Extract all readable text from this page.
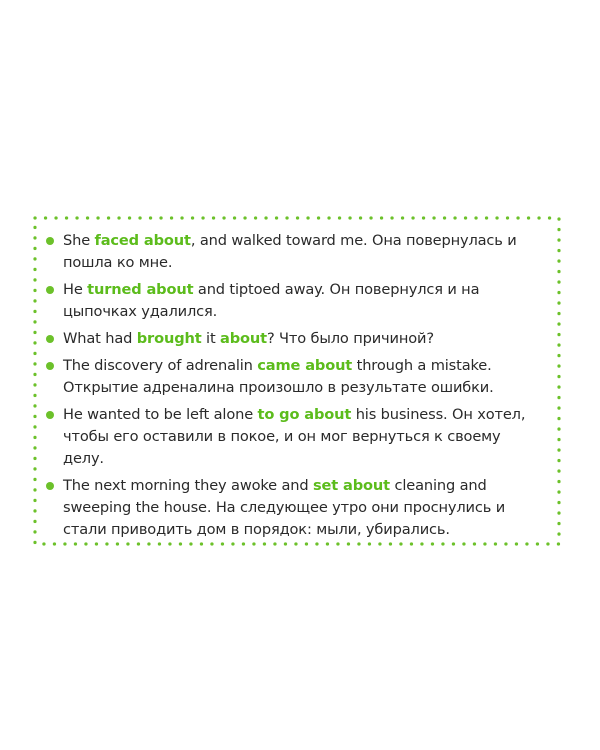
She faced about, and walked toward me. Она повернулась и пошла ко мне.
He turned about and tiptoed away. Он повернулся и на цыпочках удалился.
What had brought it about? Что было причиной?
The discovery of adrenalin came about through a mistake. Открытие адреналина произошло в результате ошибки.
He wanted to be left alone to go about his business. Он хотел, чтобы его оставили в покое, и он мог вернуться к своему делу.
The next morning they awoke and set about cleaning and sweeping the house. На следующее утро они проснулись и стали приводить дом в порядок: мыли, убирались.
